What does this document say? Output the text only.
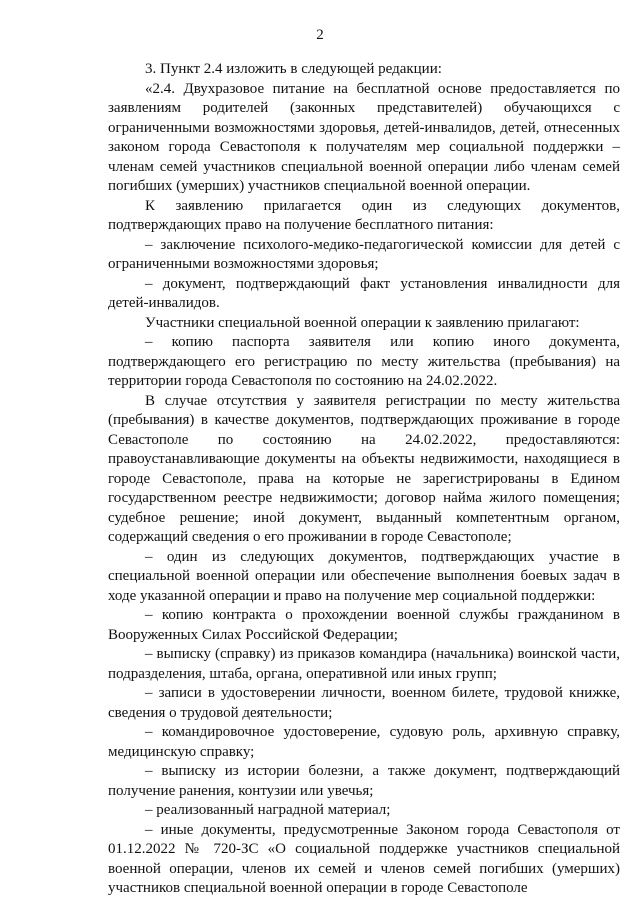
2

3. Пункт 2.4 изложить в следующей редакции:

«2.4. Двухразовое питание на бесплатной основе предоставляется по заявлениям родителей (законных представителей) обучающихся с ограниченными возможностями здоровья, детей-инвалидов, детей, отнесенных законом города Севастополя к получателям мер социальной поддержки – членам семей участников специальной военной операции либо членам семей погибших (умерших) участников специальной военной операции.

К заявлению прилагается один из следующих документов, подтверждающих право на получение бесплатного питания:

– заключение психолого-медико-педагогической комиссии для детей с ограниченными возможностями здоровья;

– документ, подтверждающий факт установления инвалидности для детей-инвалидов.

Участники специальной военной операции к заявлению прилагают:

– копию паспорта заявителя или копию иного документа, подтверждающего его регистрацию по месту жительства (пребывания) на территории города Севастополя по состоянию на 24.02.2022.

В случае отсутствия у заявителя регистрации по месту жительства (пребывания) в качестве документов, подтверждающих проживание в городе Севастополе по состоянию на 24.02.2022, предоставляются: правоустанавливающие документы на объекты недвижимости, находящиеся в городе Севастополе, права на которые не зарегистрированы в Едином государственном реестре недвижимости; договор найма жилого помещения; судебное решение; иной документ, выданный компетентным органом, содержащий сведения о его проживании в городе Севастополе;

– один из следующих документов, подтверждающих участие в специальной военной операции или обеспечение выполнения боевых задач в ходе указанной операции и право на получение мер социальной поддержки:

– копию контракта о прохождении военной службы гражданином в Вооруженных Силах Российской Федерации;

– выписку (справку) из приказов командира (начальника) воинской части, подразделения, штаба, органа, оперативной или иных групп;

– записи в удостоверении личности, военном билете, трудовой книжке, сведения о трудовой деятельности;

– командировочное удостоверение, судовую роль, архивную справку, медицинскую справку;

– выписку из истории болезни, а также документ, подтверждающий получение ранения, контузии или увечья;

– реализованный наградной материал;

– иные документы, предусмотренные Законом города Севастополя от 01.12.2022 № 720-ЗС «О социальной поддержке участников специальной военной операции, членов их семей и членов семей погибших (умерших) участников специальной военной операции в городе Севастополе
